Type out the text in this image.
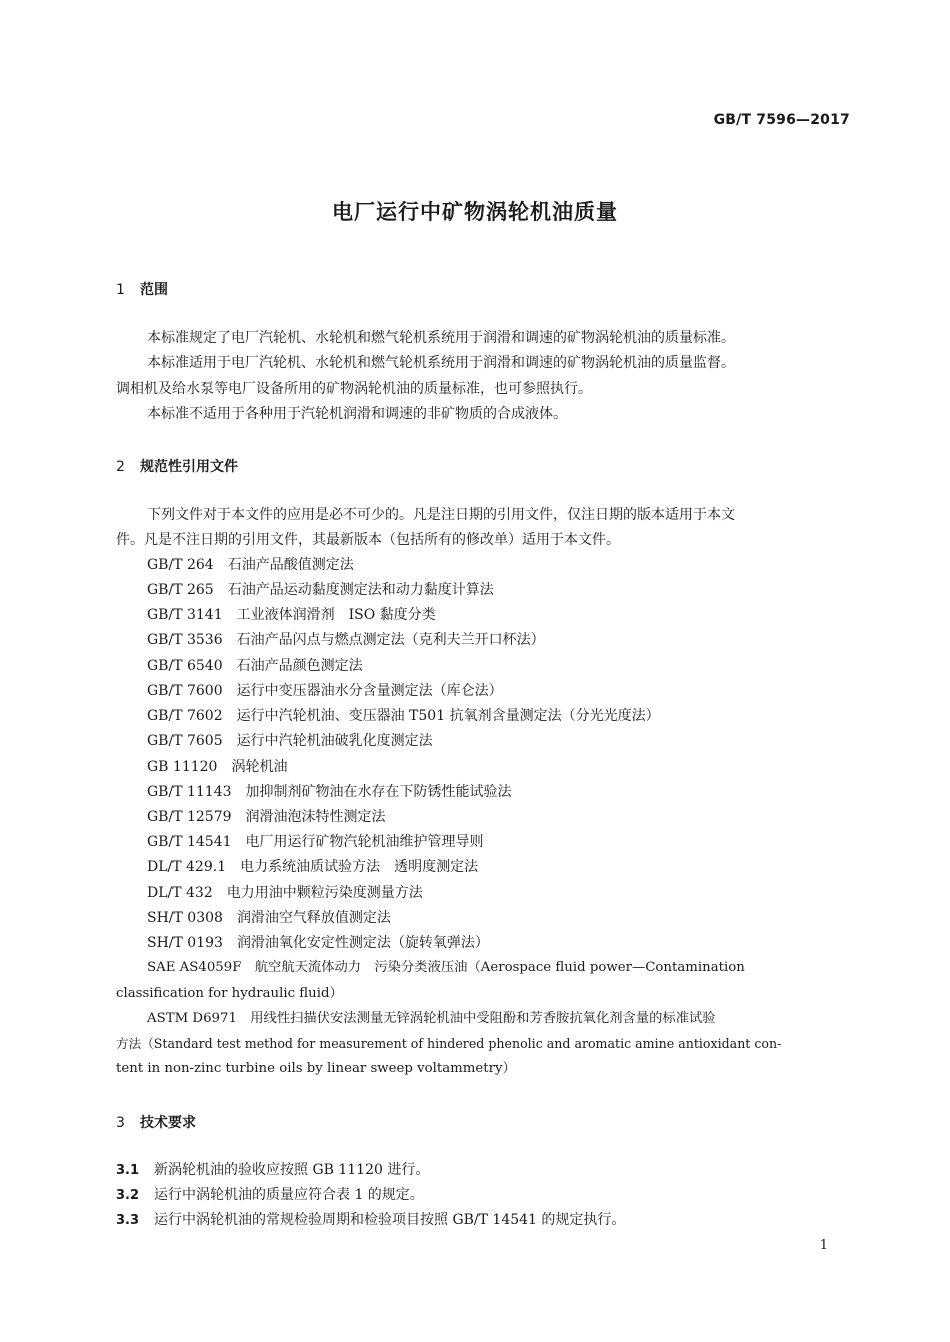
GB/T 7596—2017
电厂运行中矿物涡轮机油质量
1 范围
本标准规定了电厂汽轮机、水轮机和燃气轮机系统用于润滑和调速的矿物涡轮机油的质量标准。
本标准适用于电厂汽轮机、水轮机和燃气轮机系统用于润滑和调速的矿物涡轮机油的质量监督。
调相机及给水泵等电厂设备所用的矿物涡轮机油的质量标准，也可参照执行。
本标准不适用于各种用于汽轮机润滑和调速的非矿物质的合成液体。
2 规范性引用文件
下列文件对于本文件的应用是必不可少的。凡是注日期的引用文件，仅注日期的版本适用于本文
件。凡是不注日期的引用文件，其最新版本（包括所有的修改单）适用于本文件。
GB/T 264 石油产品酸值测定法
GB/T 265 石油产品运动黏度测定法和动力黏度计算法
GB/T 3141 工业液体润滑剂　ISO 黏度分类
GB/T 3536 石油产品闪点与燃点测定法（克利夫兰开口杯法）
GB/T 6540 石油产品颜色测定法
GB/T 7600 运行中变压器油水分含量测定法（库仑法）
GB/T 7602 运行中汽轮机油、变压器油 T501 抗氧剂含量测定法（分光光度法）
GB/T 7605 运行中汽轮机油破乳化度测定法
GB 11120 涡轮机油
GB/T 11143 加抑制剂矿物油在水存在下防锈性能试验法
GB/T 12579 润滑油泡沫特性测定法
GB/T 14541 电厂用运行矿物汽轮机油维护管理导则
DL/T 429.1 电力系统油质试验方法　透明度测定法
DL/T 432 电力用油中颗粒污染度测量方法
SH/T 0308 润滑油空气释放值测定法
SH/T 0193 润滑油氧化安定性测定法（旋转氧弹法）
SAE AS4059F　航空航天流体动力　污染分类液压油（Aerospace fluid power—Contamination
classification for hydraulic fluid）
ASTM D6971　用线性扫描伏安法测量无锌涡轮机油中受阻酚和芳香胺抗氧化剂含量的标准试验
方法（Standard test method for measurement of hindered phenolic and aromatic amine antioxidant con-
tent in non-zinc turbine oils by linear sweep voltammetry）
3 技术要求
3.1 新涡轮机油的验收应按照 GB 11120 进行。
3.2 运行中涡轮机油的质量应符合表 1 的规定。
3.3 运行中涡轮机油的常规检验周期和检验项目按照 GB/T 14541 的规定执行。
1
